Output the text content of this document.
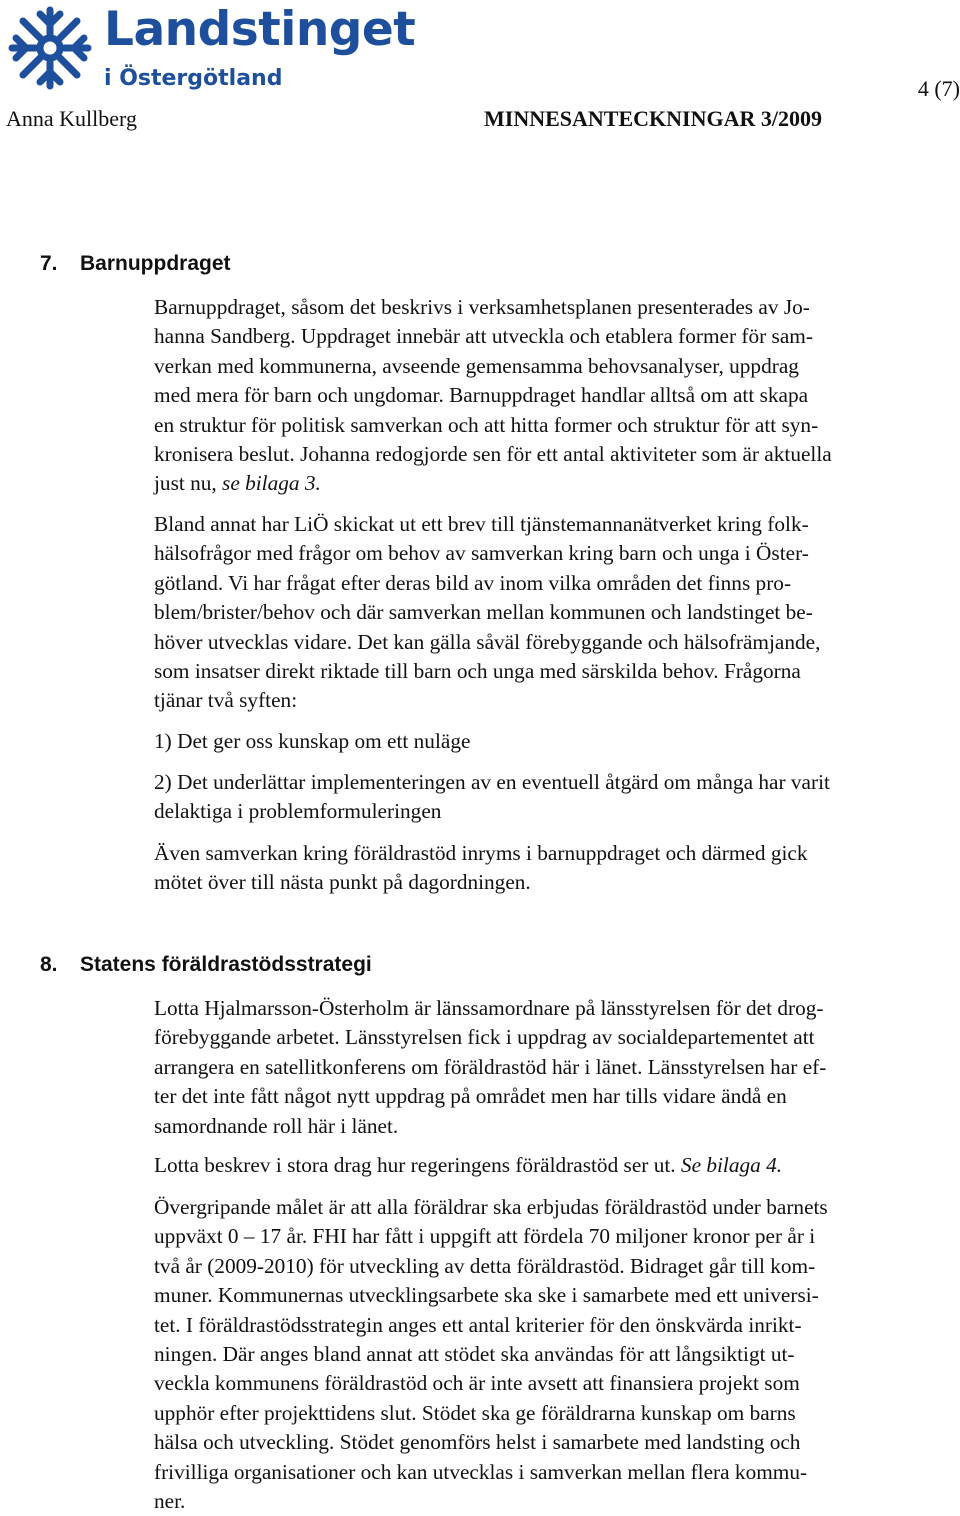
Landstinget
i Östergötland	4 (7)
Anna Kullberg	MINNESANTECKNINGAR 3/2009
7. Barnuppdraget
Barnuppdraget, såsom det beskrivs i verksamhetsplanen presenterades av Jo-
hanna Sandberg. Uppdraget innebär att utveckla och etablera former för sam-
verkan med kommunerna, avseende gemensamma behovsanalyser, uppdrag
med mera för barn och ungdomar. Barnuppdraget handlar alltså om att skapa
en struktur för politisk samverkan och att hitta former och struktur för att syn-
kronisera beslut. Johanna redogjorde sen för ett antal aktiviteter som är aktuella
just nu, se bilaga 3.
Bland annat har LiÖ skickat ut ett brev till tjänstemannanätverket kring folk-
hälsofrågor med frågor om behov av samverkan kring barn och unga i Öster-
götland. Vi har frågat efter deras bild av inom vilka områden det finns pro-
blem/brister/behov och där samverkan mellan kommunen och landstinget be-
höver utvecklas vidare. Det kan gälla såväl förebyggande och hälsofrämjande,
som insatser direkt riktade till barn och unga med särskilda behov. Frågorna
tjänar två syften:
1) Det ger oss kunskap om ett nuläge
2) Det underlättar implementeringen av en eventuell åtgärd om många har varit
delaktiga i problemformuleringen
Även samverkan kring föräldrastöd inryms i barnuppdraget och därmed gick
mötet över till nästa punkt på dagordningen.
8. Statens föräldrastödsstrategi
Lotta Hjalmarsson-Österholm är länssamordnare på länsstyrelsen för det drog-
förebyggande arbetet. Länsstyrelsen fick i uppdrag av socialdepartementet att
arrangera en satellitkonferens om föräldrastöd här i länet. Länsstyrelsen har ef-
ter det inte fått något nytt uppdrag på området men har tills vidare ändå en
samordnande roll här i länet.
Lotta beskrev i stora drag hur regeringens föräldrastöd ser ut. Se bilaga 4.
Övergripande målet är att alla föräldrar ska erbjudas föräldrastöd under barnets
uppväxt 0 – 17 år. FHI har fått i uppgift att fördela 70 miljoner kronor per år i
två år (2009-2010) för utveckling av detta föräldrastöd. Bidraget går till kom-
muner. Kommunernas utvecklingsarbete ska ske i samarbete med ett universi-
tet. I föräldrastödsstrategin anges ett antal kriterier för den önskvärda inrikt-
ningen. Där anges bland annat att stödet ska användas för att långsiktigt ut-
veckla kommunens föräldrastöd och är inte avsett att finansiera projekt som
upphör efter projekttidens slut. Stödet ska ge föräldrarna kunskap om barns
hälsa och utveckling. Stödet genomförs helst i samarbete med landsting och
frivilliga organisationer och kan utvecklas i samverkan mellan flera kommu-
ner.
